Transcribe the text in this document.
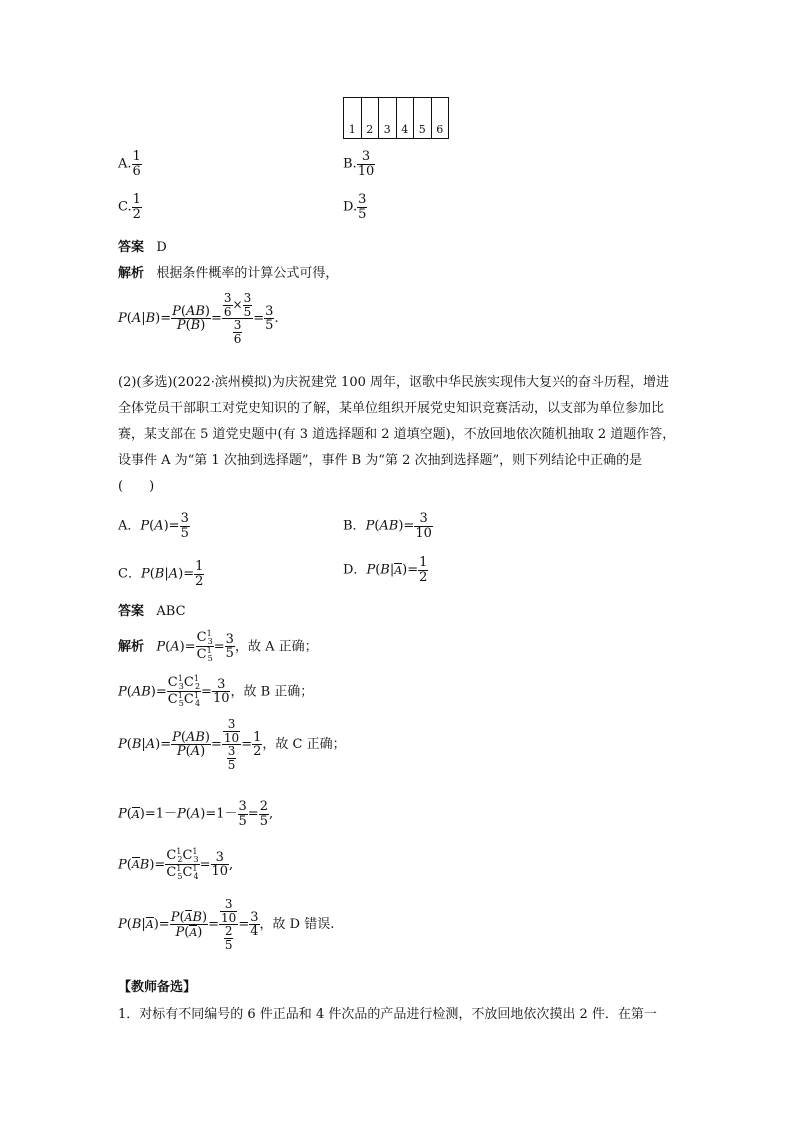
1 2 3 4 5 6
A. $\frac{1}{6}$	B. $\frac{3}{10}$
C. $\frac{1}{2}$	D. $\frac{3}{5}$
答案 D
解析 根据条件概率的计算公式可得，
$P(A|B)= \frac{P(AB)}{P(B)} = \frac{\frac{3}{6} \times \frac{3}{5}}{\frac{3}{6}} = \frac{3}{5}$ .
(2)(多选)(2022·滨州模拟)为庆祝建党 100 周年，讴歌中华民族实现伟大复兴的奋斗历程，增进全体党员干部职工对党史知识的了解，某单位组织开展党史知识竞赛活动，以支部为单位参加比赛，某支部在 5 道党史题中(有 3 道选择题和 2 道填空题)，不放回地依次随机抽取 2 道题作答，设事件 A 为“第 1 次抽到选择题”，事件 B 为“第 2 次抽到选择题”，则下列结论中正确的是(　　)
A．$P(A)= \frac{3}{5}$	B．$P(AB)= \frac{3}{10}$
C．$P(B|A)= \frac{1}{2}$	D．$P(B|A)= \frac{1}{2}$
答案 ABC
解析 $P(A)= \frac{C^1_3}{C^1_5} = \frac{3}{5}$ ，故 A 正确；
$P(AB)= \frac{C^1_3C^1_2}{C^1_5C^1_4} = \frac{3}{10}$ ，故 B 正确；
$P(B|A)= \frac{P(AB)}{P(A)} = \frac{\frac{3}{10}}{\frac{3}{5}} = \frac{1}{2}$ ，故 C 正确；
$P(A)=1-P(A)=1- \frac{3}{5} = \frac{2}{5}$ ,
$P(AB)= \frac{C^1_2C^1_3}{C^1_5C^1_4} = \frac{3}{10}$ ,
$P(B|A)= \frac{P(AB)}{P(A)} = \frac{\frac{3}{10}}{\frac{2}{5}} = \frac{3}{4}$ ，故 D 错误.
【教师备选】
1．对标有不同编号的 6 件正品和 4 件次品的产品进行检测，不放回地依次摸出 2 件．在第一
